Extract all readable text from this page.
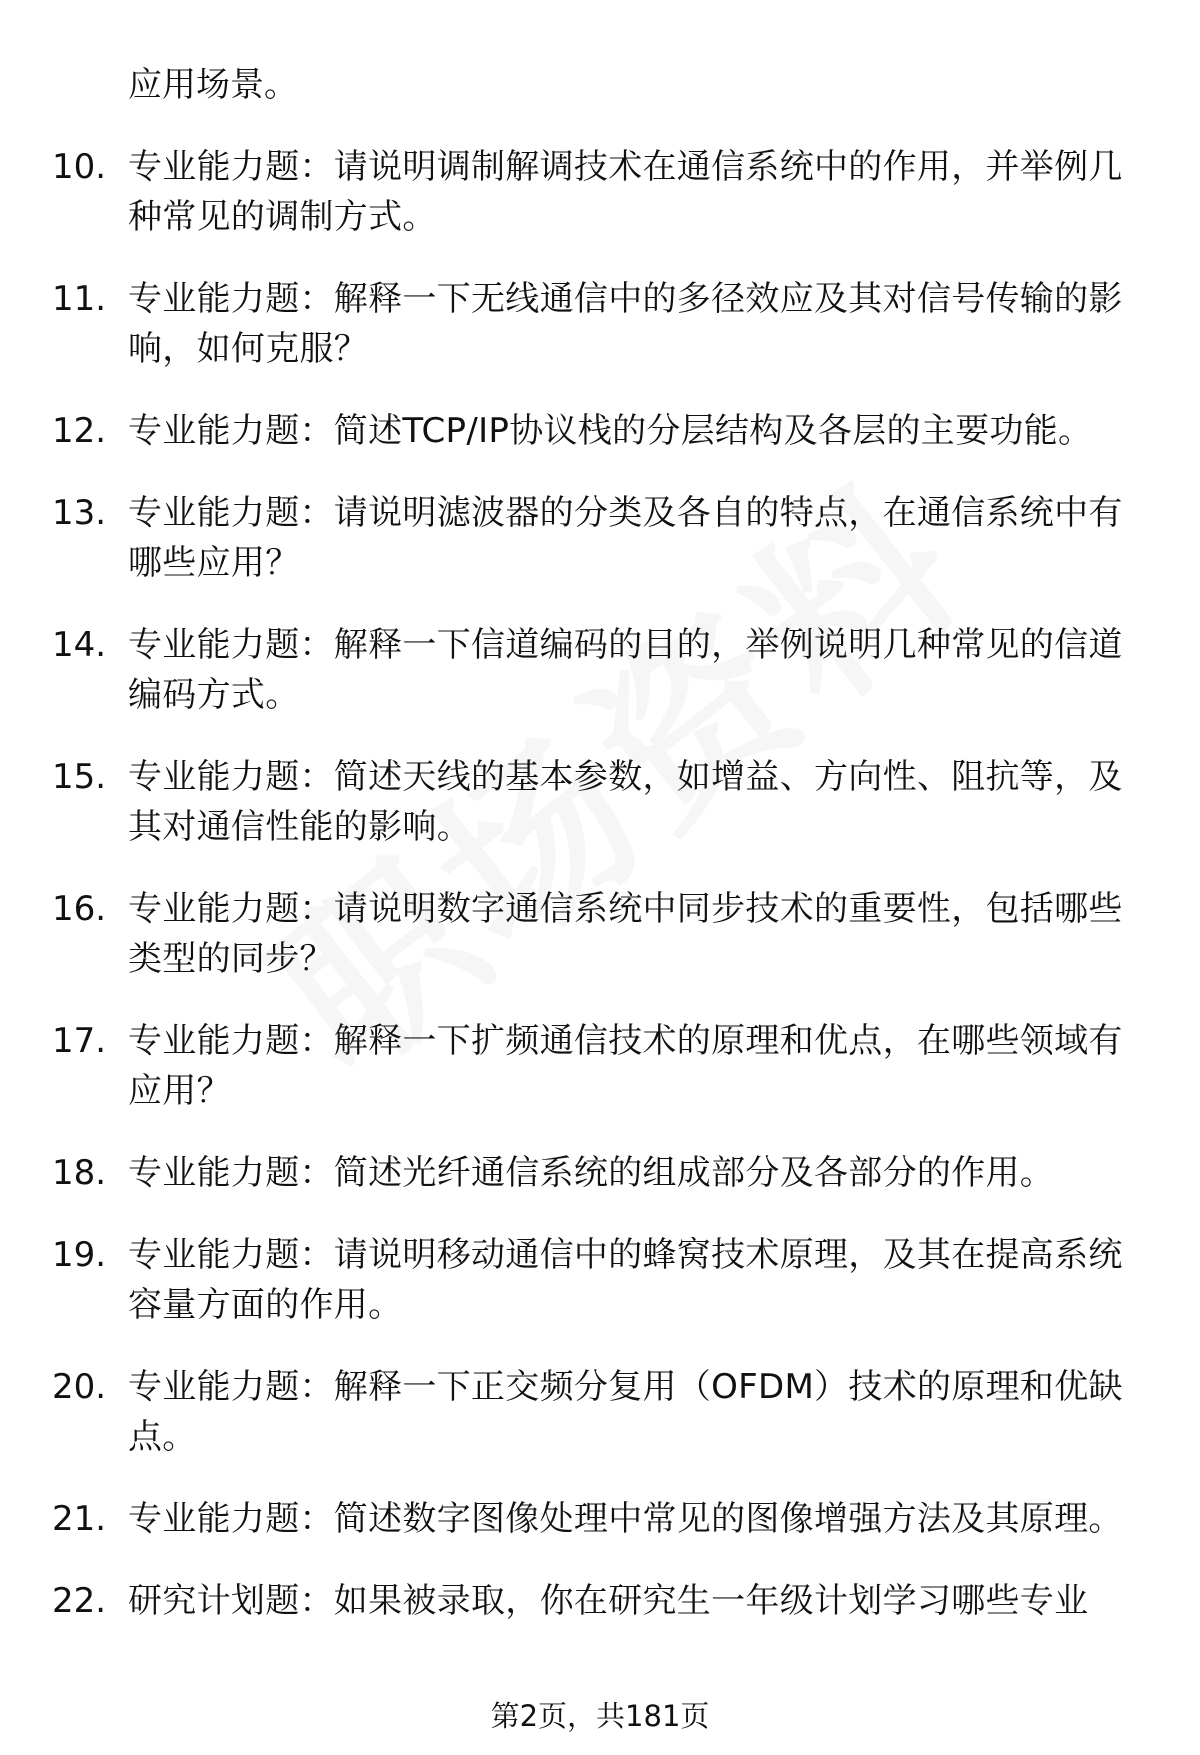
应用场景。
10. 专业能力题：请说明调制解调技术在通信系统中的作用，并举例几种常见的调制方式。
11. 专业能力题：解释一下无线通信中的多径效应及其对信号传输的影响，如何克服？
12. 专业能力题：简述TCP/IP协议栈的分层结构及各层的主要功能。
13. 专业能力题：请说明滤波器的分类及各自的特点，在通信系统中有哪些应用？
14. 专业能力题：解释一下信道编码的目的，举例说明几种常见的信道编码方式。
15. 专业能力题：简述天线的基本参数，如增益、方向性、阻抗等，及其对通信性能的影响。
16. 专业能力题：请说明数字通信系统中同步技术的重要性，包括哪些类型的同步？
17. 专业能力题：解释一下扩频通信技术的原理和优点，在哪些领域有应用？
18. 专业能力题：简述光纤通信系统的组成部分及各部分的作用。
19. 专业能力题：请说明移动通信中的蜂窝技术原理，及其在提高系统容量方面的作用。
20. 专业能力题：解释一下正交频分复用（OFDM）技术的原理和优缺点。
21. 专业能力题：简述数字图像处理中常见的图像增强方法及其原理。
22. 研究计划题：如果被录取，你在研究生一年级计划学习哪些专业
第2页，共181页
